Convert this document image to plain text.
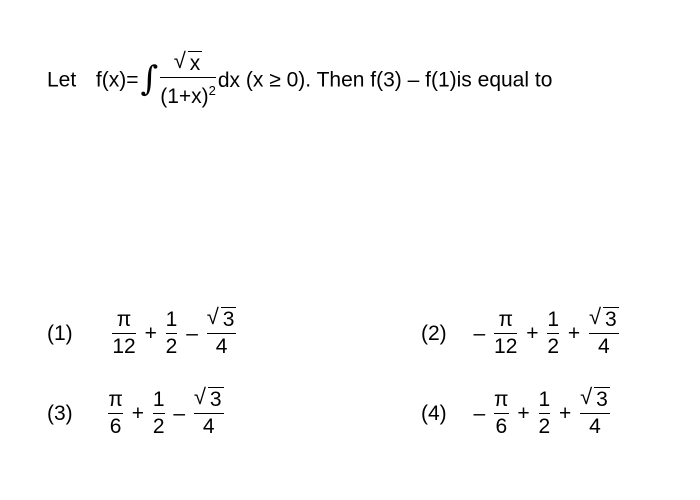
Let $f(x)=\int \frac{√ x}{(1+x)^2}$ dx (x ≥ 0). Then f(3) – f(1)is equal to
$(1) \frac{\pi}{12} + \frac{1}{2} - \frac{√ 3}{4}$	$(2) - \frac{\pi}{12} + \frac{1}{2} + \frac{√ 3}{4}$
$(3) \frac{\pi}{6} + \frac{1}{2} - \frac{√ 3}{4}$	$(4) - \frac{\pi}{6} + \frac{1}{2} + \frac{√ 3}{4}$
